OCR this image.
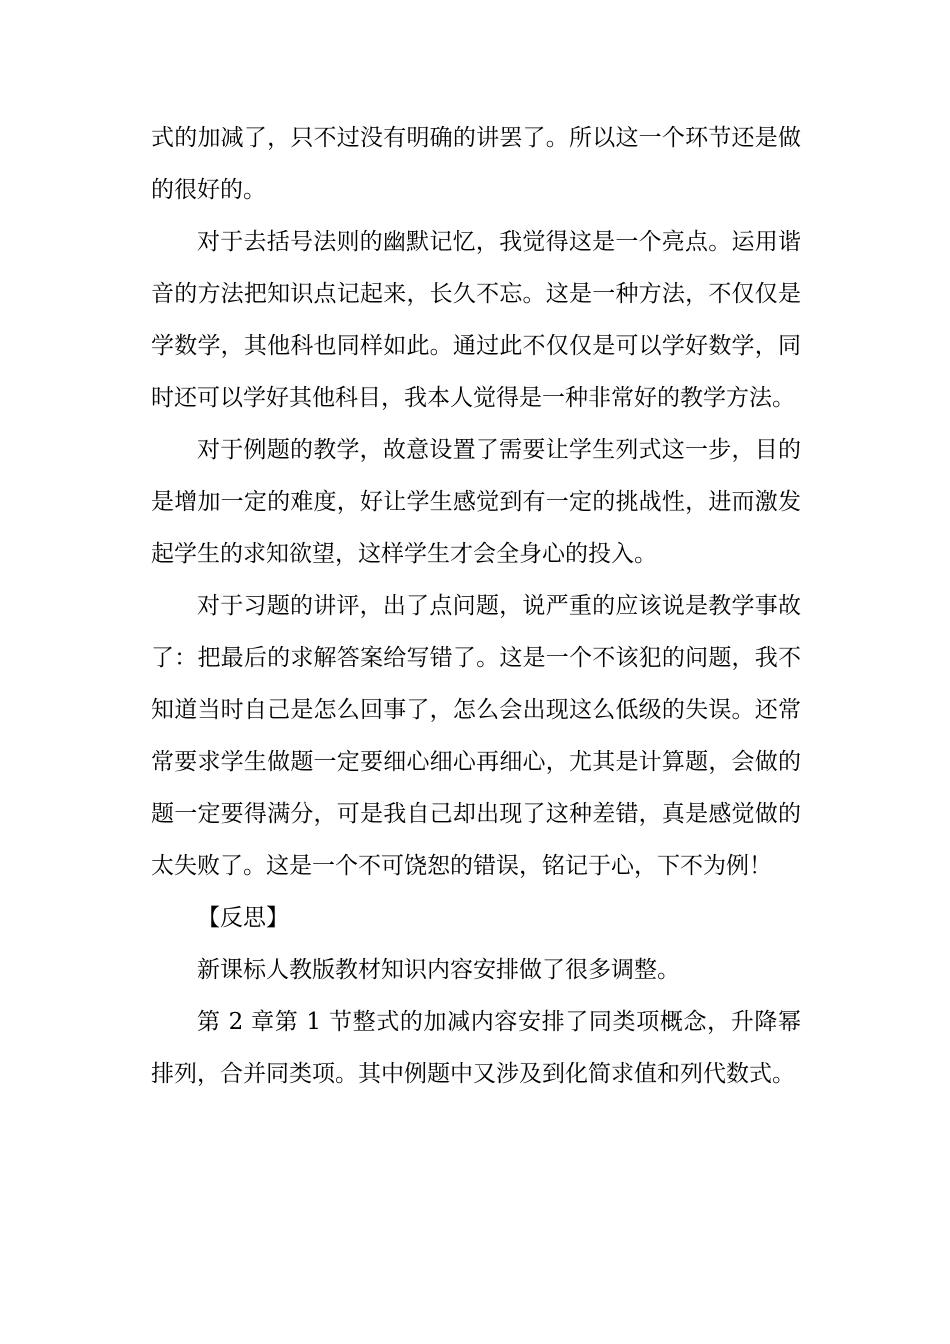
式的加减了，只不过没有明确的讲罢了。所以这一个环节还是做的很好的。

对于去括号法则的幽默记忆，我觉得这是一个亮点。运用谐音的方法把知识点记起来，长久不忘。这是一种方法，不仅仅是学数学，其他科也同样如此。通过此不仅仅是可以学好数学，同时还可以学好其他科目，我本人觉得是一种非常好的教学方法。

对于例题的教学，故意设置了需要让学生列式这一步，目的是增加一定的难度，好让学生感觉到有一定的挑战性，进而激发起学生的求知欲望，这样学生才会全身心的投入。

对于习题的讲评，出了点问题，说严重的应该说是教学事故了：把最后的求解答案给写错了。这是一个不该犯的问题，我不知道当时自己是怎么回事了，怎么会出现这么低级的失误。还常常要求学生做题一定要细心细心再细心，尤其是计算题，会做的题一定要得满分，可是我自己却出现了这种差错，真是感觉做的太失败了。这是一个不可饶恕的错误，铭记于心，下不为例！

【反思】

新课标人教版教材知识内容安排做了很多调整。

第 2 章第 1 节整式的加减内容安排了同类项概念，升降幂排列，合并同类项。其中例题中又涉及到化简求值和列代数式。
